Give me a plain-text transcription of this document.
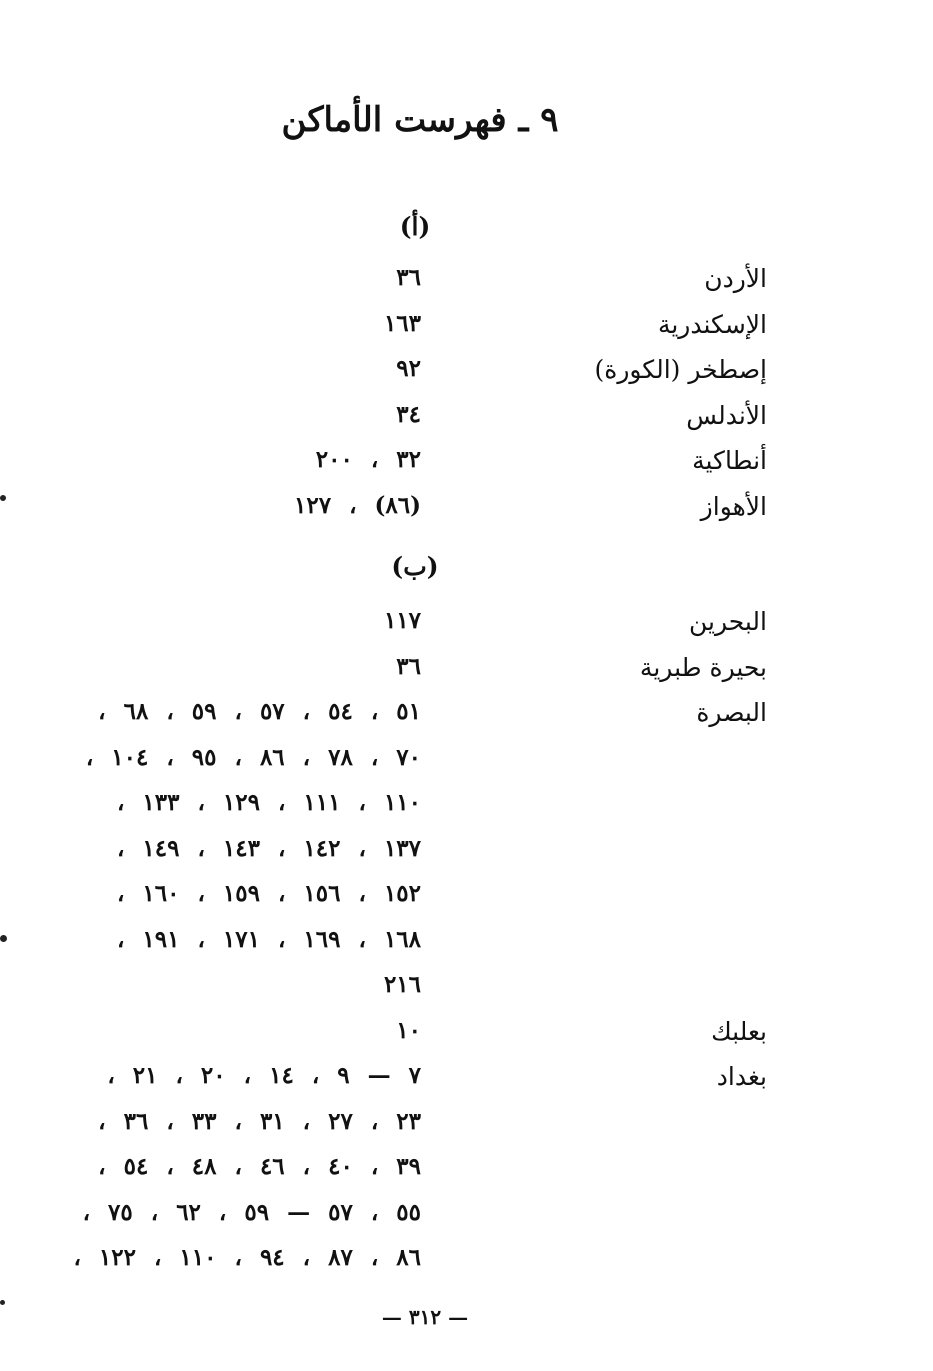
٩ ـ فهرست الأماكن
(أ)
الأردن
٣٦
الإسكندرية
١٦٣
إصطخر (الكورة)
٩٢
الأندلس
٣٤
أنطاكية
٣٢ ، ٢٠٠
الأهواز
(٨٦) ، ١٢٧
(ب)
البحرين
١١٧
بحيرة طبرية
٣٦
البصرة
٥١ ، ٥٤ ، ٥٧ ، ٥٩ ، ٦٨ ،
٧٠ ، ٧٨ ، ٨٦ ، ٩٥ ، ١٠٤ ،
١١٠ ، ١١١ ، ١٢٩ ، ١٣٣ ،
١٣٧ ، ١٤٢ ، ١٤٣ ، ١٤٩ ،
١٥٢ ، ١٥٦ ، ١٥٩ ، ١٦٠ ،
١٦٨ ، ١٦٩ ، ١٧١ ، ١٩١ ،
٢١٦
بعلبك
١٠
بغداد
٧ — ٩ ، ١٤ ، ٢٠ ، ٢١ ،
٢٣ ، ٢٧ ، ٣١ ، ٣٣ ، ٣٦ ،
٣٩ ، ٤٠ ، ٤٦ ، ٤٨ ، ٥٤ ،
٥٥ ، ٥٧ — ٥٩ ، ٦٢ ، ٧٥ ،
٨٦ ، ٨٧ ، ٩٤ ، ١١٠ ، ١٢٢ ،
— ٣١٢ —
